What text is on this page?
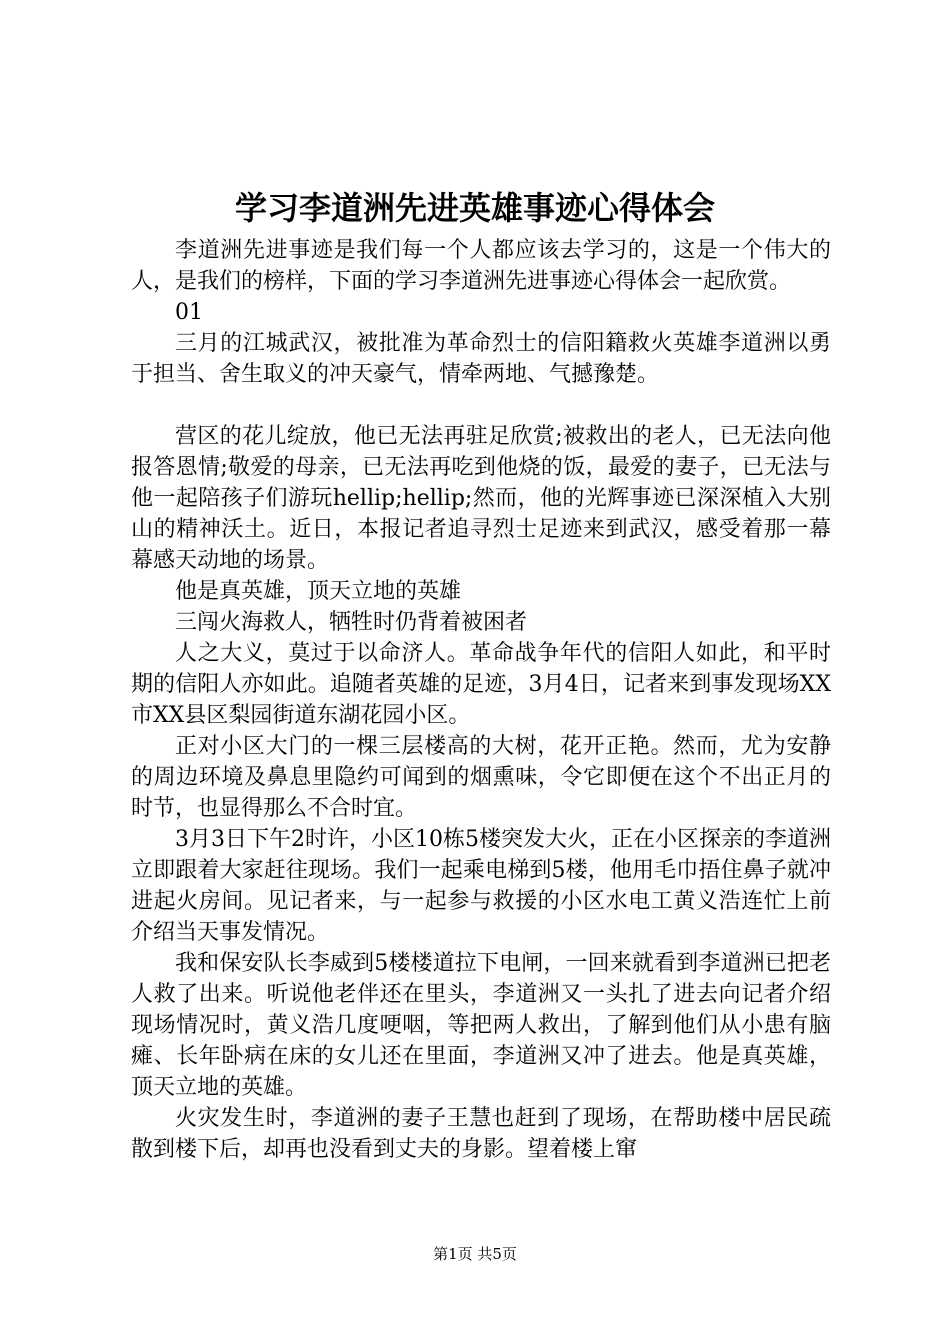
学习李道洲先进英雄事迹心得体会

李道洲先进事迹是我们每一个人都应该去学习的，这是一个伟大的人，是我们的榜样，下面的学习李道洲先进事迹心得体会一起欣赏。

01

三月的江城武汉，被批准为革命烈士的信阳籍救火英雄李道洲以勇于担当、舍生取义的冲天豪气，情牵两地、气撼豫楚。

营区的花儿绽放，他已无法再驻足欣赏;被救出的老人，已无法向他报答恩情;敬爱的母亲，已无法再吃到他烧的饭，最爱的妻子，已无法与他一起陪孩子们游玩hellip;hellip;然而，他的光辉事迹已深深植入大别山的精神沃土。近日，本报记者追寻烈士足迹来到武汉，感受着那一幕幕感天动地的场景。

他是真英雄，顶天立地的英雄

三闯火海救人，牺牲时仍背着被困者

人之大义，莫过于以命济人。革命战争年代的信阳人如此，和平时期的信阳人亦如此。追随者英雄的足迹，3月4日，记者来到事发现场XX市XX县区梨园街道东湖花园小区。

正对小区大门的一棵三层楼高的大树，花开正艳。然而，尤为安静的周边环境及鼻息里隐约可闻到的烟熏味，令它即便在这个不出正月的时节，也显得那么不合时宜。

3月3日下午2时许，小区10栋5楼突发大火，正在小区探亲的李道洲立即跟着大家赶往现场。我们一起乘电梯到5楼，他用毛巾捂住鼻子就冲进起火房间。见记者来，与一起参与救援的小区水电工黄义浩连忙上前介绍当天事发情况。

我和保安队长李威到5楼楼道拉下电闸，一回来就看到李道洲已把老人救了出来。听说他老伴还在里头，李道洲又一头扎了进去向记者介绍现场情况时，黄义浩几度哽咽，等把两人救出，了解到他们从小患有脑瘫、长年卧病在床的女儿还在里面，李道洲又冲了进去。他是真英雄，顶天立地的英雄。

火灾发生时，李道洲的妻子王慧也赶到了现场，在帮助楼中居民疏散到楼下后，却再也没看到丈夫的身影。望着楼上窜

第1页 共5页
